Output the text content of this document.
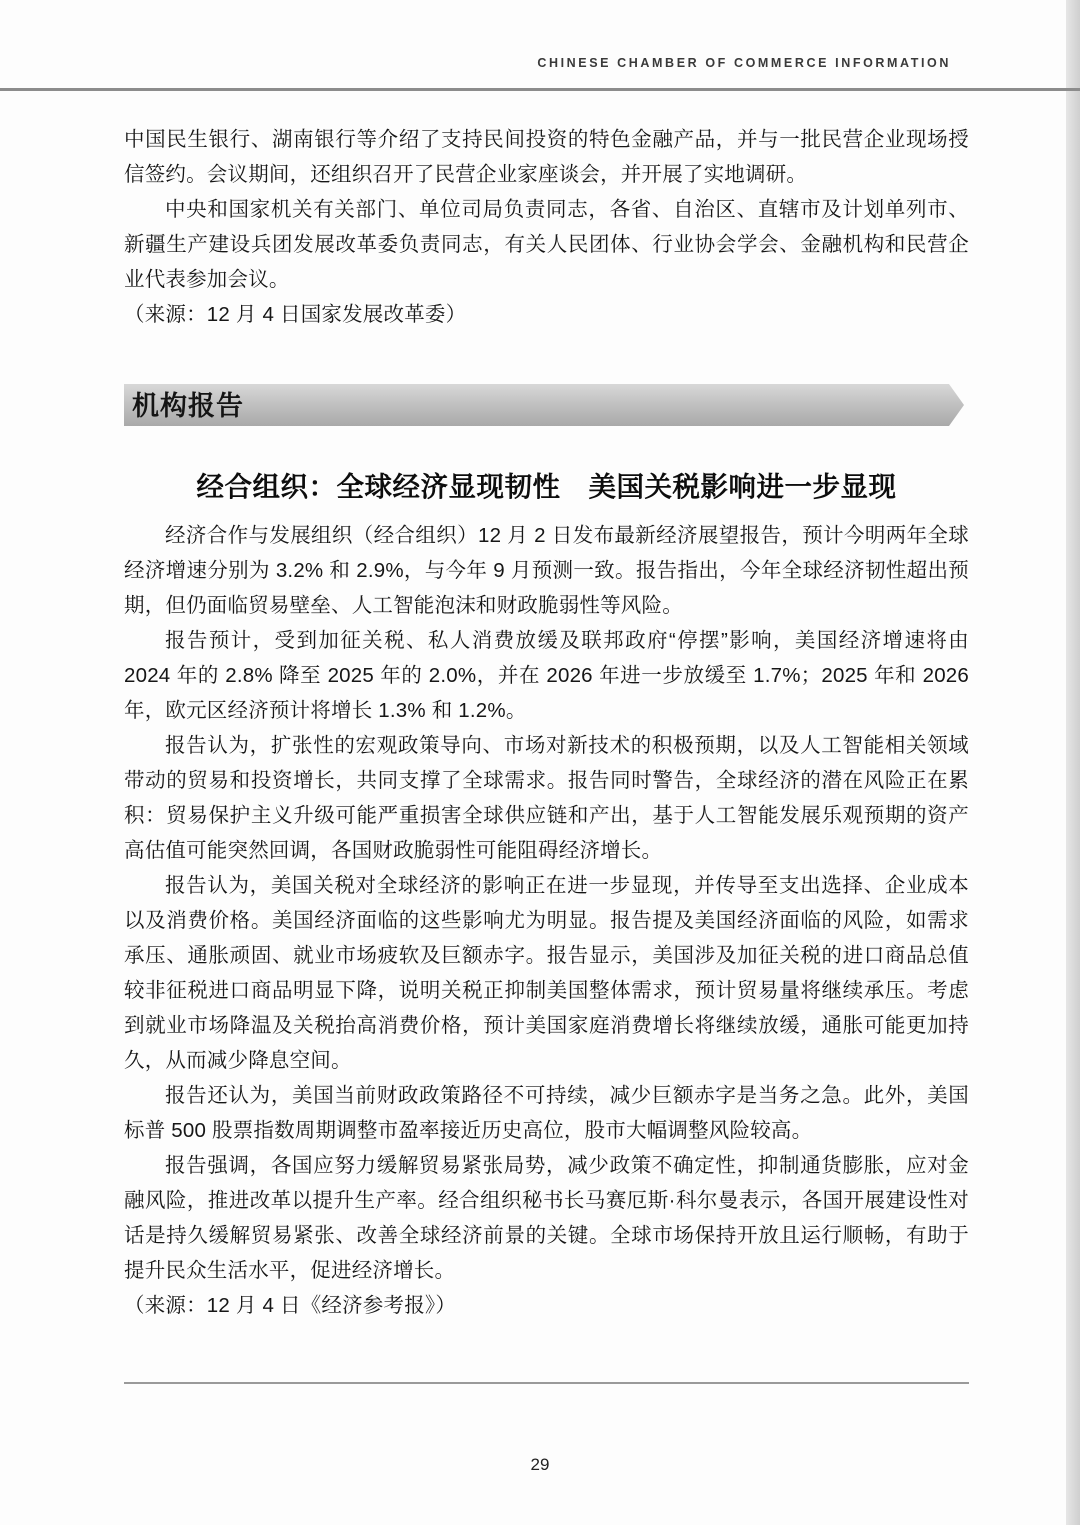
CHINESE CHAMBER OF COMMERCE INFORMATION

中国民生银行、湖南银行等介绍了支持民间投资的特色金融产品，并与一批民营企业现场授信签约。会议期间，还组织召开了民营企业家座谈会，并开展了实地调研。

中央和国家机关有关部门、单位司局负责同志，各省、自治区、直辖市及计划单列市、新疆生产建设兵团发展改革委负责同志，有关人民团体、行业协会学会、金融机构和民营企业代表参加会议。

（来源：12 月 4 日国家发展改革委）

机构报告
经合组织：全球经济显现韧性　美国关税影响进一步显现

经济合作与发展组织（经合组织）12 月 2 日发布最新经济展望报告，预计今明两年全球经济增速分别为 3.2% 和 2.9%，与今年 9 月预测一致。报告指出，今年全球经济韧性超出预期，但仍面临贸易壁垒、人工智能泡沫和财政脆弱性等风险。

报告预计，受到加征关税、私人消费放缓及联邦政府“停摆”影响，美国经济增速将由 2024 年的 2.8% 降至 2025 年的 2.0%，并在 2026 年进一步放缓至 1.7%；2025 年和 2026 年，欧元区经济预计将增长 1.3% 和 1.2%。

报告认为，扩张性的宏观政策导向、市场对新技术的积极预期，以及人工智能相关领域带动的贸易和投资增长，共同支撑了全球需求。报告同时警告，全球经济的潜在风险正在累积：贸易保护主义升级可能严重损害全球供应链和产出，基于人工智能发展乐观预期的资产高估值可能突然回调，各国财政脆弱性可能阻碍经济增长。

报告认为，美国关税对全球经济的影响正在进一步显现，并传导至支出选择、企业成本以及消费价格。美国经济面临的这些影响尤为明显。报告提及美国经济面临的风险，如需求承压、通胀顽固、就业市场疲软及巨额赤字。报告显示，美国涉及加征关税的进口商品总值较非征税进口商品明显下降，说明关税正抑制美国整体需求，预计贸易量将继续承压。考虑到就业市场降温及关税抬高消费价格，预计美国家庭消费增长将继续放缓，通胀可能更加持久，从而减少降息空间。

报告还认为，美国当前财政政策路径不可持续，减少巨额赤字是当务之急。此外，美国标普 500 股票指数周期调整市盈率接近历史高位，股市大幅调整风险较高。

报告强调，各国应努力缓解贸易紧张局势，减少政策不确定性，抑制通货膨胀，应对金融风险，推进改革以提升生产率。经合组织秘书长马赛厄斯·科尔曼表示，各国开展建设性对话是持久缓解贸易紧张、改善全球经济前景的关键。全球市场保持开放且运行顺畅，有助于提升民众生活水平，促进经济增长。

（来源：12 月 4 日《经济参考报》）

29
